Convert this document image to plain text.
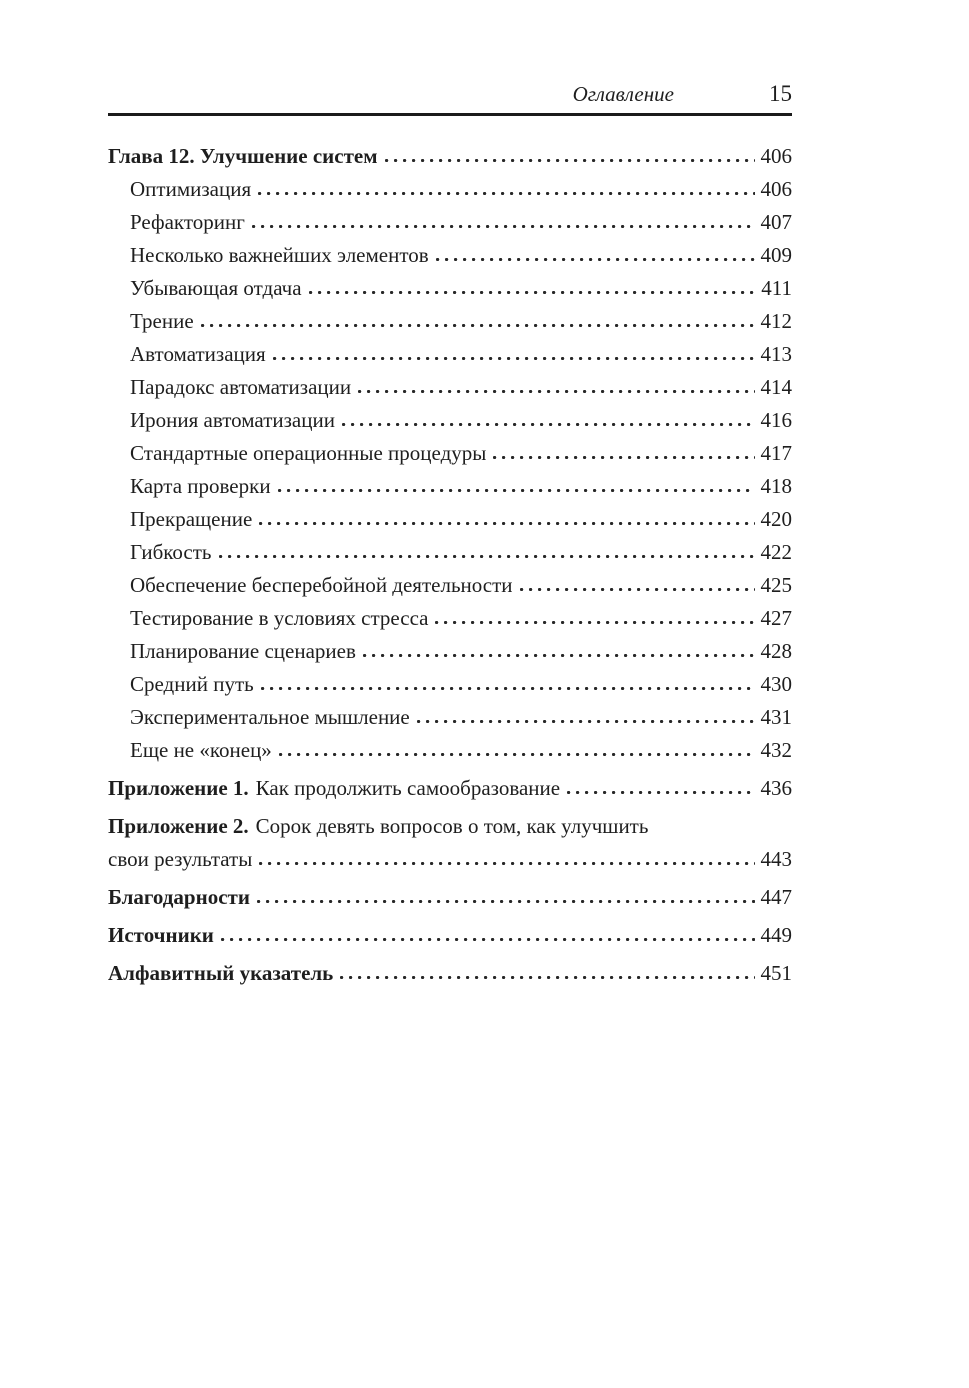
Оглавление	15
Глава 12. Улучшение систем	406
Оптимизация	406
Рефакторинг	407
Несколько важнейших элементов	409
Убывающая отдача	411
Трение	412
Автоматизация	413
Парадокс автоматизации	414
Ирония автоматизации	416
Стандартные операционные процедуры	417
Карта проверки	418
Прекращение	420
Гибкость	422
Обеспечение бесперебойной деятельности	425
Тестирование в условиях стресса	427
Планирование сценариев	428
Средний путь	430
Экспериментальное мышление	431
Еще не «конец»	432
Приложение 1. Как продолжить самообразование	436
Приложение 2. Сорок девять вопросов о том, как улучшить
свои результаты	443
Благодарности	447
Источники	449
Алфавитный указатель	451
